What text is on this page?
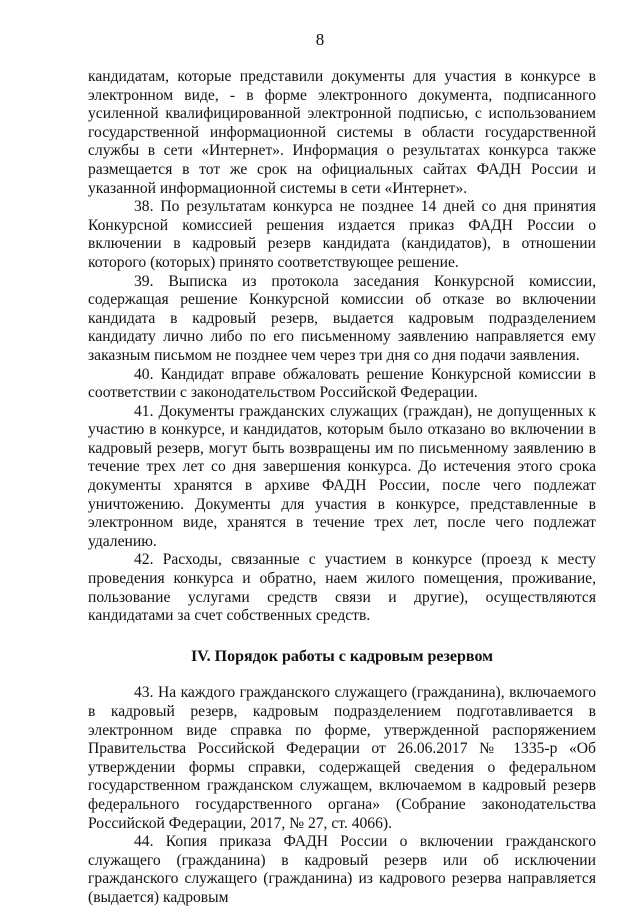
8

кандидатам, которые представили документы для участия в конкурсе в электронном виде, - в форме электронного документа, подписанного усиленной квалифицированной электронной подписью, с использованием государственной информационной системы в области государственной службы в сети «Интернет». Информация о результатах конкурса также размещается в тот же срок на официальных сайтах ФАДН России и указанной информационной системы в сети «Интернет».

38. По результатам конкурса не позднее 14 дней со дня принятия Конкурсной комиссией решения издается приказ ФАДН России о включении в кадровый резерв кандидата (кандидатов), в отношении которого (которых) принято соответствующее решение.

39. Выписка из протокола заседания Конкурсной комиссии, содержащая решение Конкурсной комиссии об отказе во включении кандидата в кадровый резерв, выдается кадровым подразделением кандидату лично либо по его письменному заявлению направляется ему заказным письмом не позднее чем через три дня со дня подачи заявления.

40. Кандидат вправе обжаловать решение Конкурсной комиссии в соответствии с законодательством Российской Федерации.

41. Документы гражданских служащих (граждан), не допущенных к участию в конкурсе, и кандидатов, которым было отказано во включении в кадровый резерв, могут быть возвращены им по письменному заявлению в течение трех лет со дня завершения конкурса. До истечения этого срока документы хранятся в архиве ФАДН России, после чего подлежат уничтожению. Документы для участия в конкурсе, представленные в электронном виде, хранятся в течение трех лет, после чего подлежат удалению.

42. Расходы, связанные с участием в конкурсе (проезд к месту проведения конкурса и обратно, наем жилого помещения, проживание, пользование услугами средств связи и другие), осуществляются кандидатами за счет собственных средств.

IV. Порядок работы с кадровым резервом

43. На каждого гражданского служащего (гражданина), включаемого в кадровый резерв, кадровым подразделением подготавливается в электронном виде справка по форме, утвержденной распоряжением Правительства Российской Федерации от 26.06.2017 № 1335-р «Об утверждении формы справки, содержащей сведения о федеральном государственном гражданском служащем, включаемом в кадровый резерв федерального государственного органа» (Собрание законодательства Российской Федерации, 2017, № 27, ст. 4066).

44. Копия приказа ФАДН России о включении гражданского служащего (гражданина) в кадровый резерв или об исключении гражданского служащего (гражданина) из кадрового резерва направляется (выдается) кадровым
